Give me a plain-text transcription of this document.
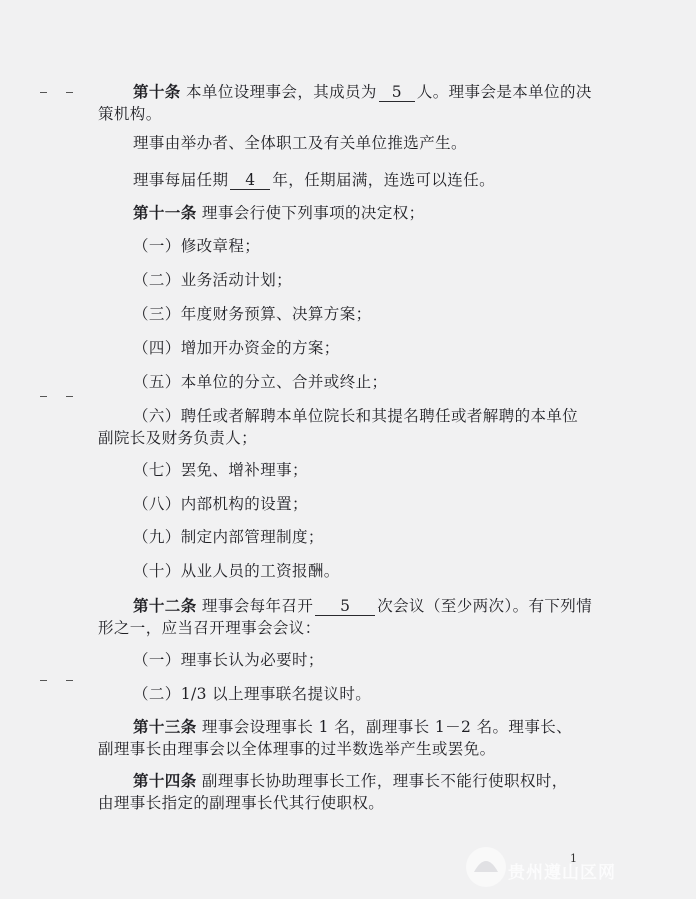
第十条 本单位设理事会，其成员为 5 人。理事会是本单位的决
策机构。
理事由举办者、全体职工及有关单位推选产生。
理事每届任期 4 年，任期届满，连选可以连任。
第十一条 理事会行使下列事项的决定权；
（一）修改章程；
（二）业务活动计划；
（三）年度财务预算、决算方案；
（四）增加开办资金的方案；
（五）本单位的分立、合并或终止；
（六）聘任或者解聘本单位院长和其提名聘任或者解聘的本单位
副院长及财务负责人；
（七）罢免、增补理事；
（八）内部机构的设置；
（九）制定内部管理制度；
（十）从业人员的工资报酬。
第十二条 理事会每年召开 5 次会议（至少两次）。有下列情
形之一，应当召开理事会会议：
（一）理事长认为必要时；
（二）1/3 以上理事联名提议时。
第十三条 理事会设理事长 1 名，副理事长 1－2 名。理事长、
副理事长由理事会以全体理事的过半数选举产生或罢免。
第十四条 副理事长协助理事长工作，理事长不能行使职权时，
由理事长指定的副理事长代其行使职权。
1
贵州遵山区网
